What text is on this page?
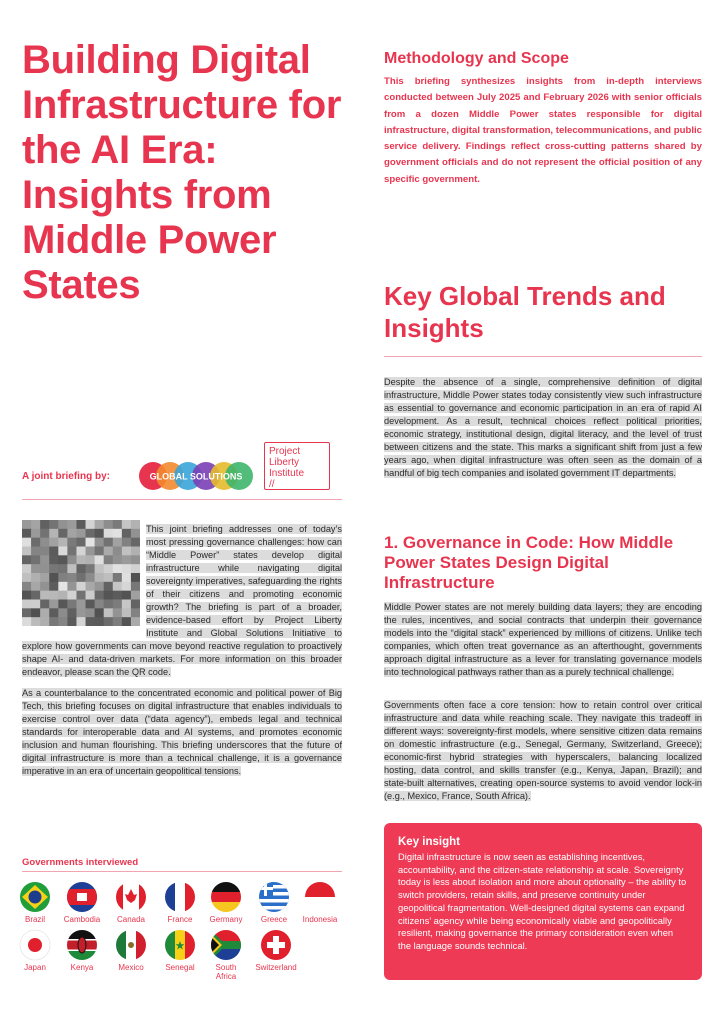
Building Digital Infrastructure for the AI Era: Insights from Middle Power States
Methodology and Scope

This briefing synthesizes insights from in-depth interviews conducted between July 2025 and February 2026 with senior officials from a dozen Middle Power states responsible for digital infrastructure, digital transformation, telecommunications, and public service delivery. Findings reflect cross-cutting patterns shared by government officials and do not represent the official position of any specific government.

Key Global Trends and Insights

Despite the absence of a single, comprehensive definition of digital infrastructure, Middle Power states today consistently view such infrastructure as essential to governance and economic participation in an era of rapid AI development. As a result, technical choices reflect political priorities, economic strategy, institutional design, digital literacy, and the level of trust between citizens and the state. This marks a significant shift from just a few years ago, when digital infrastructure was often seen as the domain of a handful of big tech companies and isolated government IT departments.

1. Governance in Code: How Middle Power States Design Digital Infrastructure

Middle Power states are not merely building data layers; they are encoding the rules, incentives, and social contracts that underpin their governance models into the “digital stack” experienced by millions of citizens. Unlike tech companies, which often treat governance as an afterthought, governments approach digital infrastructure as a lever for translating governance models into technological pathways rather than as a purely technical challenge.

Governments often face a core tension: how to retain control over critical infrastructure and data while reaching scale. They navigate this tradeoff in different ways: sovereignty-first models, where sensitive citizen data remains on domestic infrastructure (e.g., Senegal, Germany, Switzerland, Greece); economic-first hybrid strategies with hyperscalers, balancing localized hosting, data control, and skills transfer (e.g., Kenya, Japan, Brazil); and state-built alternatives, creating open-source systems to avoid vendor lock-in (e.g., Mexico, France, South Africa).

Key insight

Digital infrastructure is now seen as establishing incentives, accountability, and the citizen-state relationship at scale. Sovereignty today is less about isolation and more about optionality – the ability to switch providers, retain skills, and preserve continuity under geopolitical fragmentation. Well-designed digital systems can expand citizens’ agency while being economically viable and geopolitically resilient, making governance the primary consideration even when the language sounds technical.

A joint briefing by:	GLOBAL SOLUTIONS
Project
Liberty
Institute
//

This joint briefing addresses one of today’s most pressing governance challenges: how can “Middle Power” states develop digital infrastructure while navigating digital sovereignty imperatives, safeguarding the rights of their citizens and promoting economic growth? The briefing is part of a broader, evidence-based effort by Project Liberty Institute and Global Solutions Initiative to explore how governments can move beyond reactive regulation to proactively shape AI- and data-driven markets. For more information on this broader endeavor, please scan the QR code.

As a counterbalance to the concentrated economic and political power of Big Tech, this briefing focuses on digital infrastructure that enables individuals to exercise control over data (“data agency”), embeds legal and technical standards for interoperable data and AI systems, and promotes economic inclusion and human flourishing. This briefing underscores that the future of digital infrastructure is more than a technical challenge, it is a governance imperative in an era of uncertain geopolitical tensions.

Governments interviewed

Brazil	Cambodia	Canada	France	Germany	Greece	Indonesia
Japan	Kenya	Mexico	Senegal	South Africa
Switzerland
